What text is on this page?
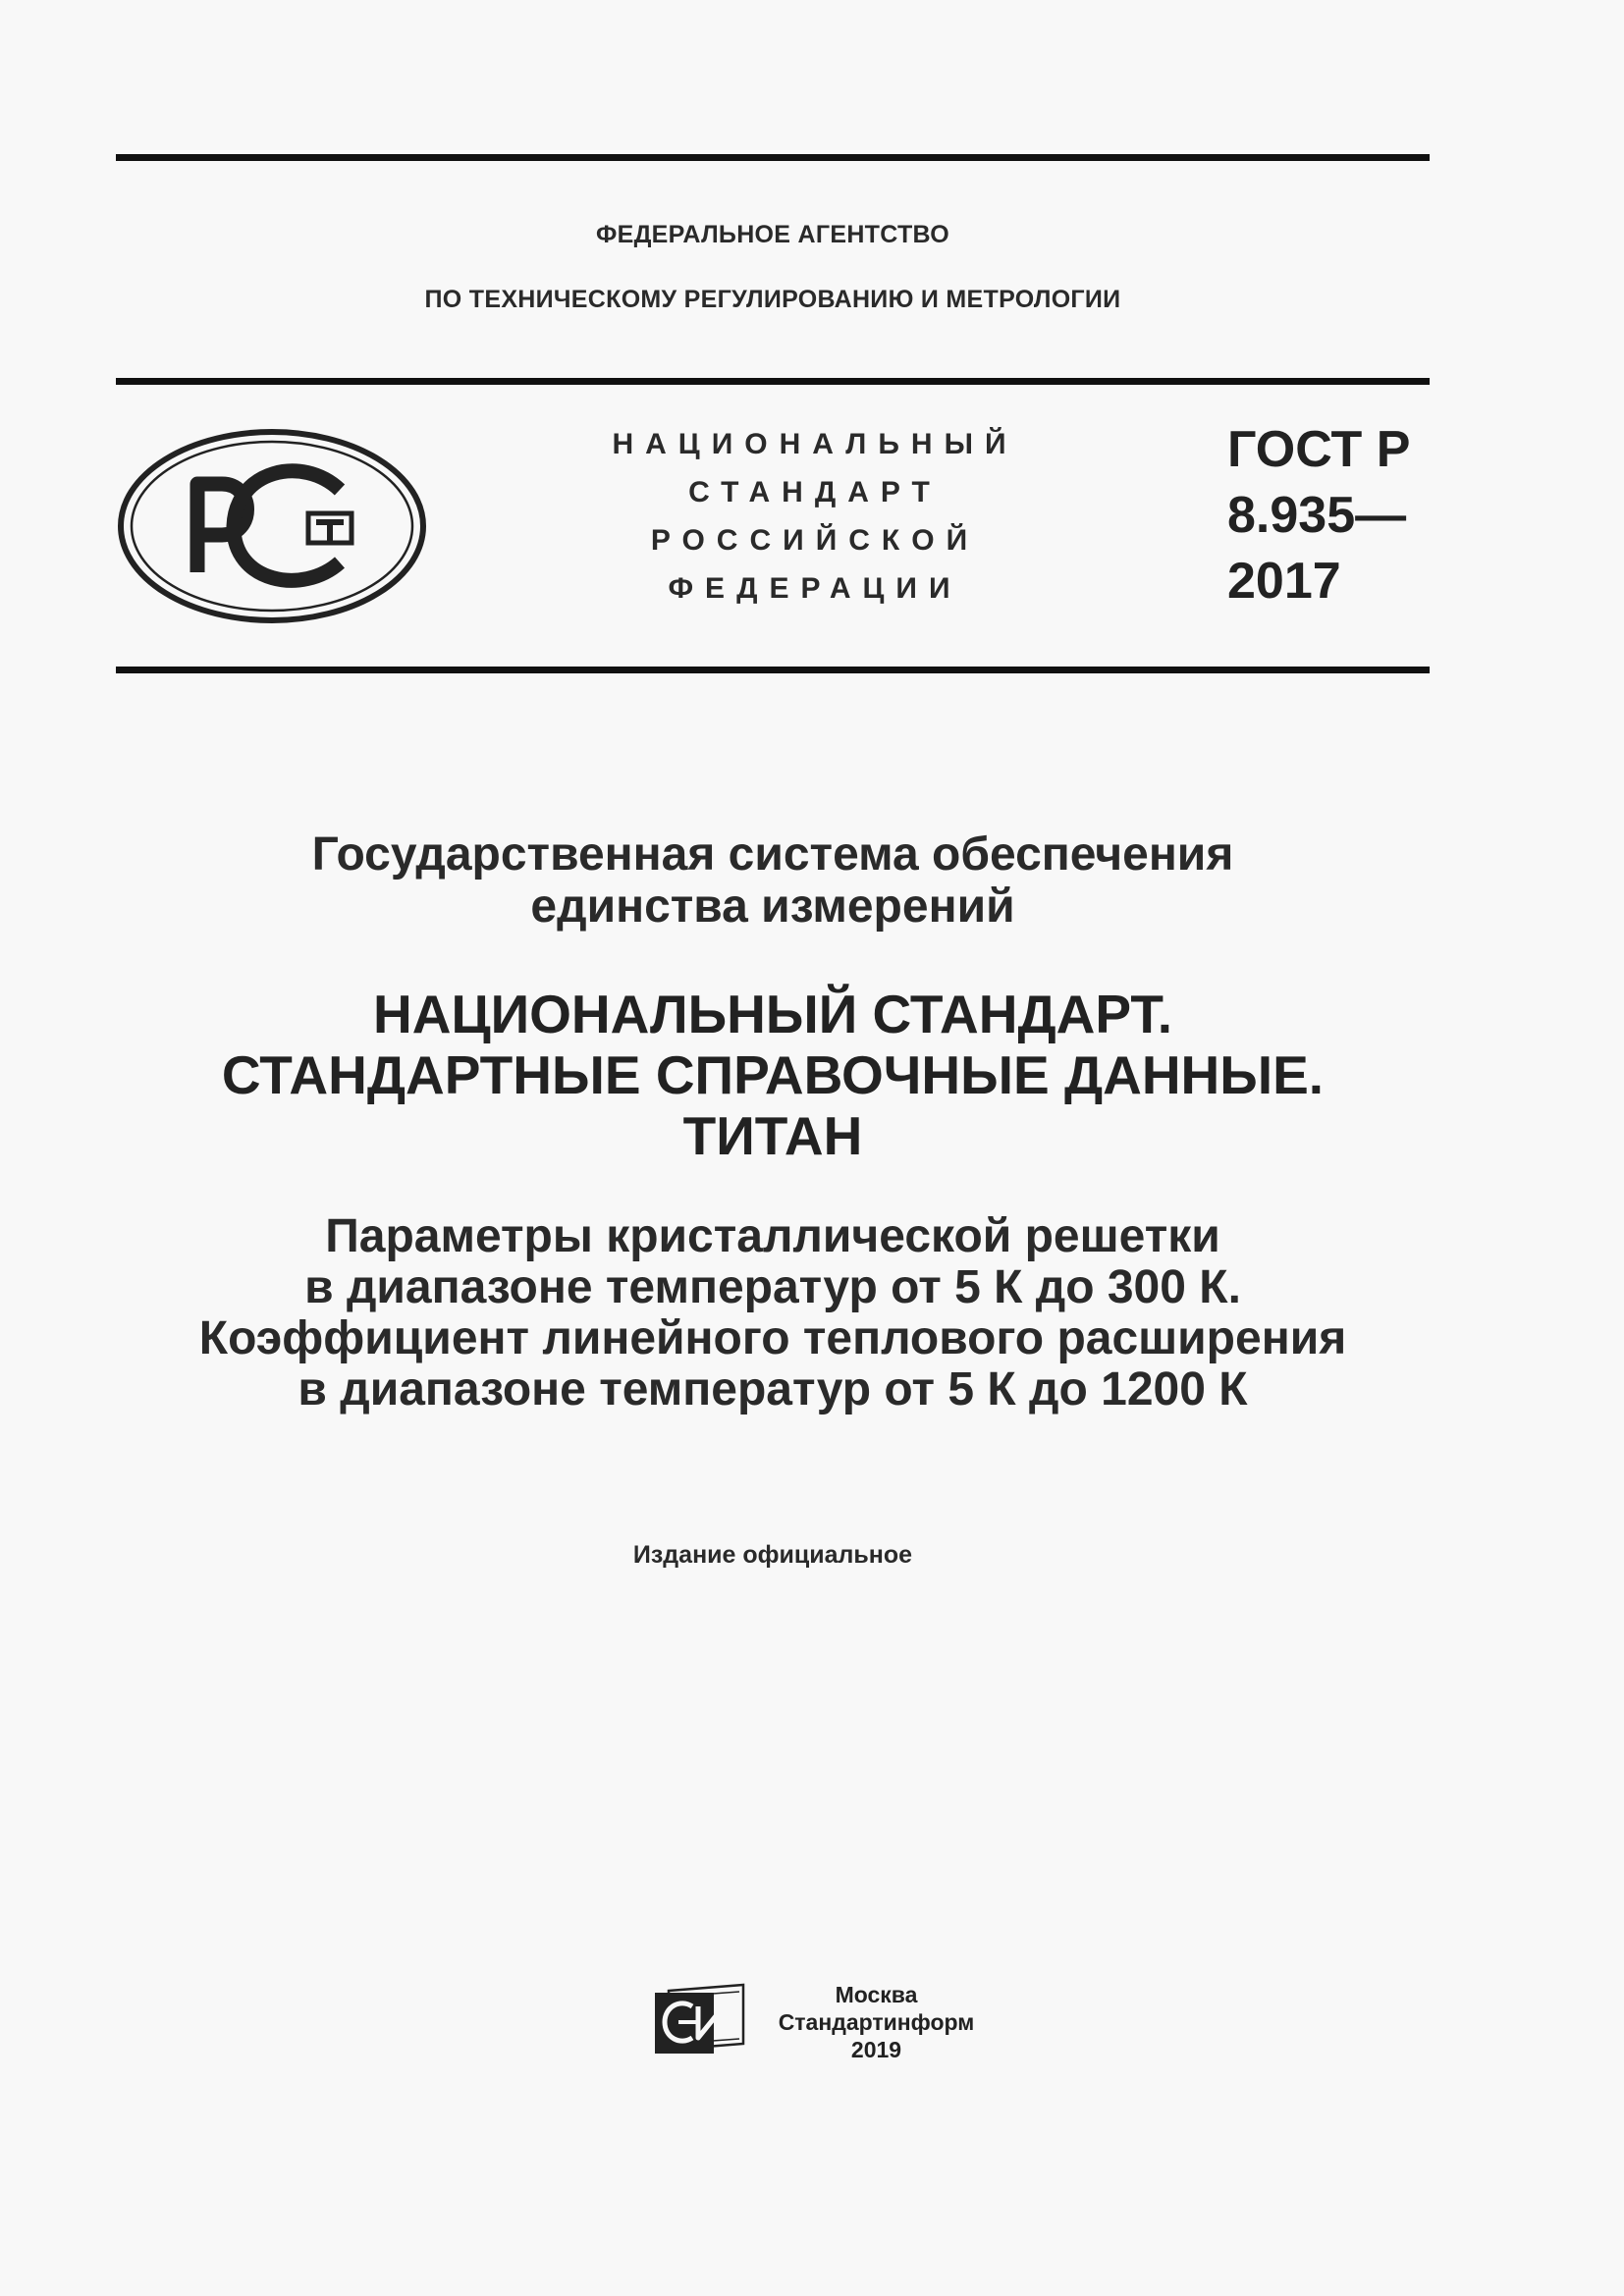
ФЕДЕРАЛЬНОЕ АГЕНТСТВО
ПО ТЕХНИЧЕСКОМУ РЕГУЛИРОВАНИЮ И МЕТРОЛОГИИ
НАЦИОНАЛЬНЫЙ
СТАНДАРТ
РОССИЙСКОЙ
ФЕДЕРАЦИИ
ГОСТ Р
8.935—
2017
Государственная система обеспечения
единства измерений
НАЦИОНАЛЬНЫЙ СТАНДАРТ.
СТАНДАРТНЫЕ СПРАВОЧНЫЕ ДАННЫЕ.
ТИТАН
Параметры кристаллической решетки
в диапазоне температур от 5 К до 300 К.
Коэффициент линейного теплового расширения
в диапазоне температур от 5 К до 1200 К
Издание официальное
Москва
Стандартинформ
2019
